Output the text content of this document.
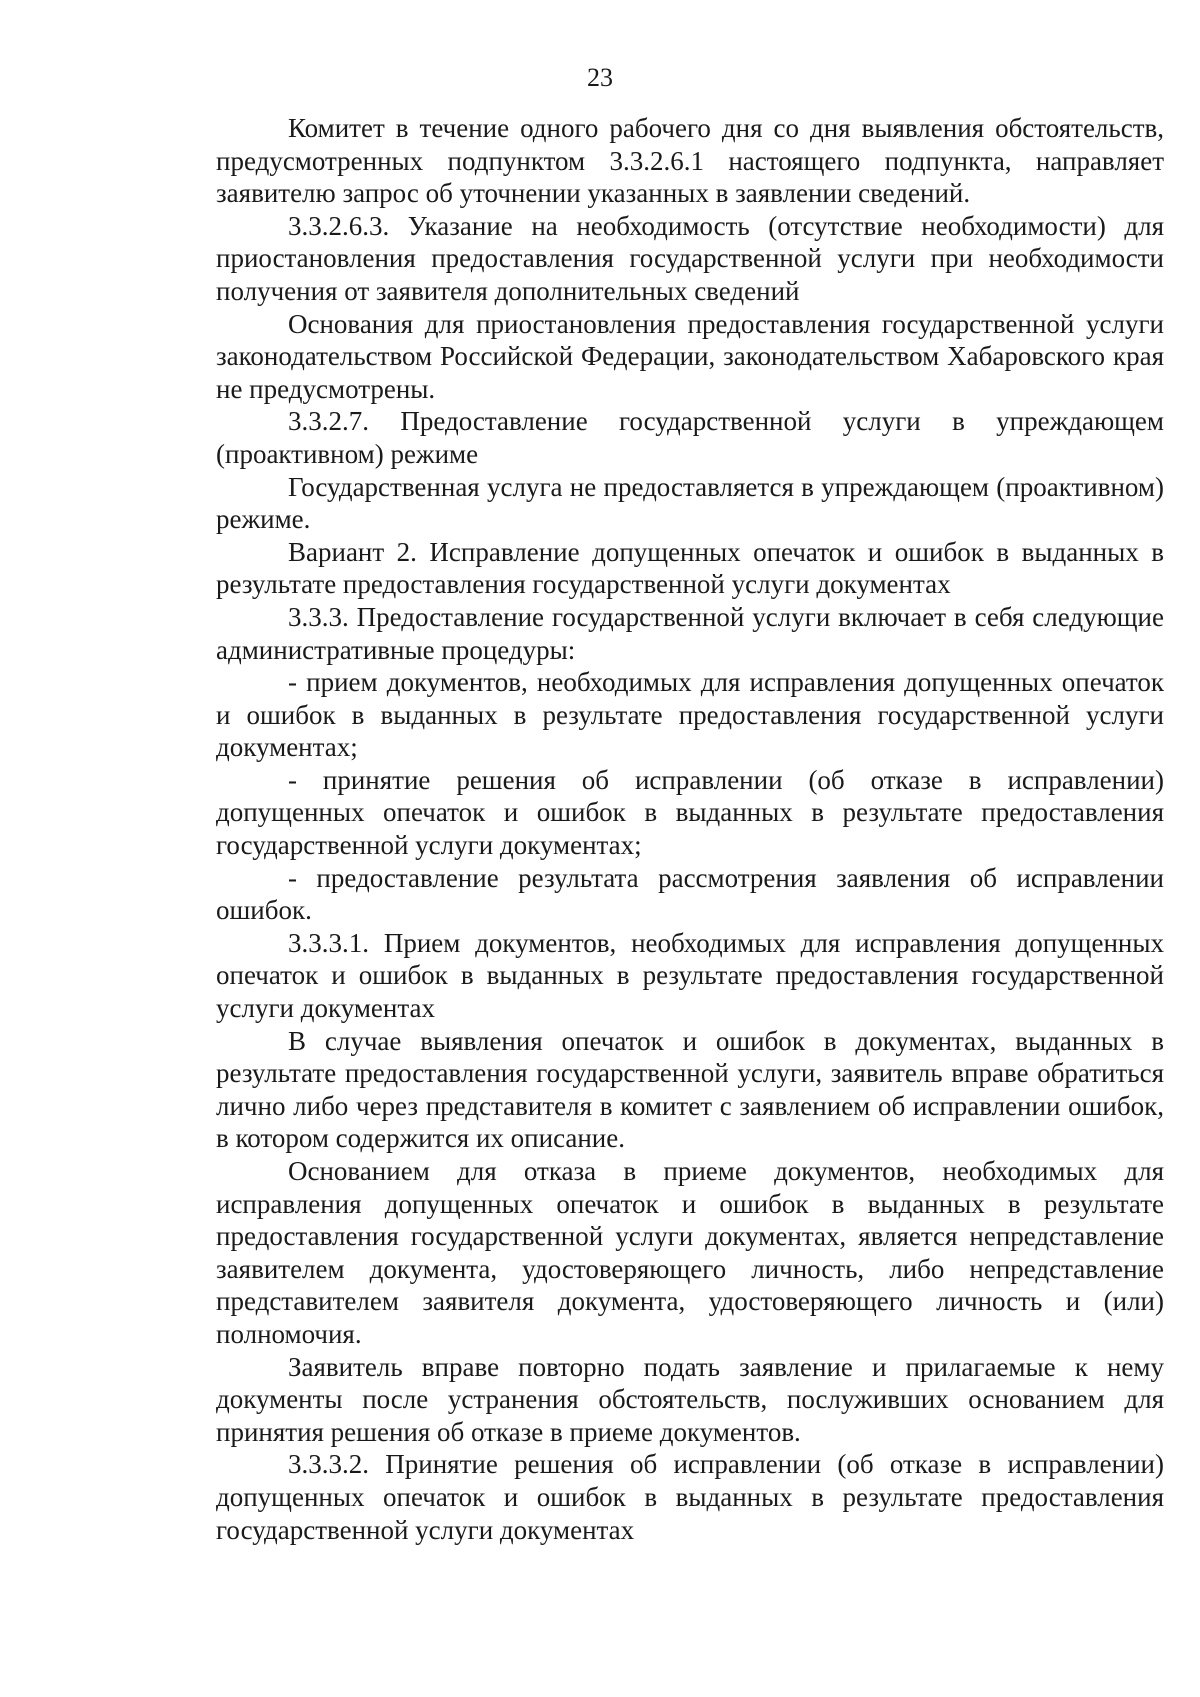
23

Комитет в течение одного рабочего дня со дня выявления обстоятельств, предусмотренных подпунктом 3.3.2.6.1 настоящего подпункта, направляет заявителю запрос об уточнении указанных в заявлении сведений.

3.3.2.6.3. Указание на необходимость (отсутствие необходимости) для приостановления предоставления государственной услуги при необходимости получения от заявителя дополнительных сведений

Основания для приостановления предоставления государственной услуги законодательством Российской Федерации, законодательством Хабаровского края не предусмотрены.

3.3.2.7. Предоставление государственной услуги в упреждающем (проактивном) режиме

Государственная услуга не предоставляется в упреждающем (проактивном) режиме.

Вариант 2. Исправление допущенных опечаток и ошибок в выданных в результате предоставления государственной услуги документах

3.3.3. Предоставление государственной услуги включает в себя следующие административные процедуры:

- прием документов, необходимых для исправления допущенных опечаток и ошибок в выданных в результате предоставления государственной услуги документах;

- принятие решения об исправлении (об отказе в исправлении) допущенных опечаток и ошибок в выданных в результате предоставления государственной услуги документах;

- предоставление результата рассмотрения заявления об исправлении ошибок.

3.3.3.1. Прием документов, необходимых для исправления допущенных опечаток и ошибок в выданных в результате предоставления государственной услуги документах

В случае выявления опечаток и ошибок в документах, выданных в результате предоставления государственной услуги, заявитель вправе обратиться лично либо через представителя в комитет с заявлением об исправлении ошибок, в котором содержится их описание.

Основанием для отказа в приеме документов, необходимых для исправления допущенных опечаток и ошибок в выданных в результате предоставления государственной услуги документах, является непредставление заявителем документа, удостоверяющего личность, либо непредставление представителем заявителя документа, удостоверяющего личность и (или) полномочия.

Заявитель вправе повторно подать заявление и прилагаемые к нему документы после устранения обстоятельств, послуживших основанием для принятия решения об отказе в приеме документов.

3.3.3.2. Принятие решения об исправлении (об отказе в исправлении) допущенных опечаток и ошибок в выданных в результате предоставления государственной услуги документах
